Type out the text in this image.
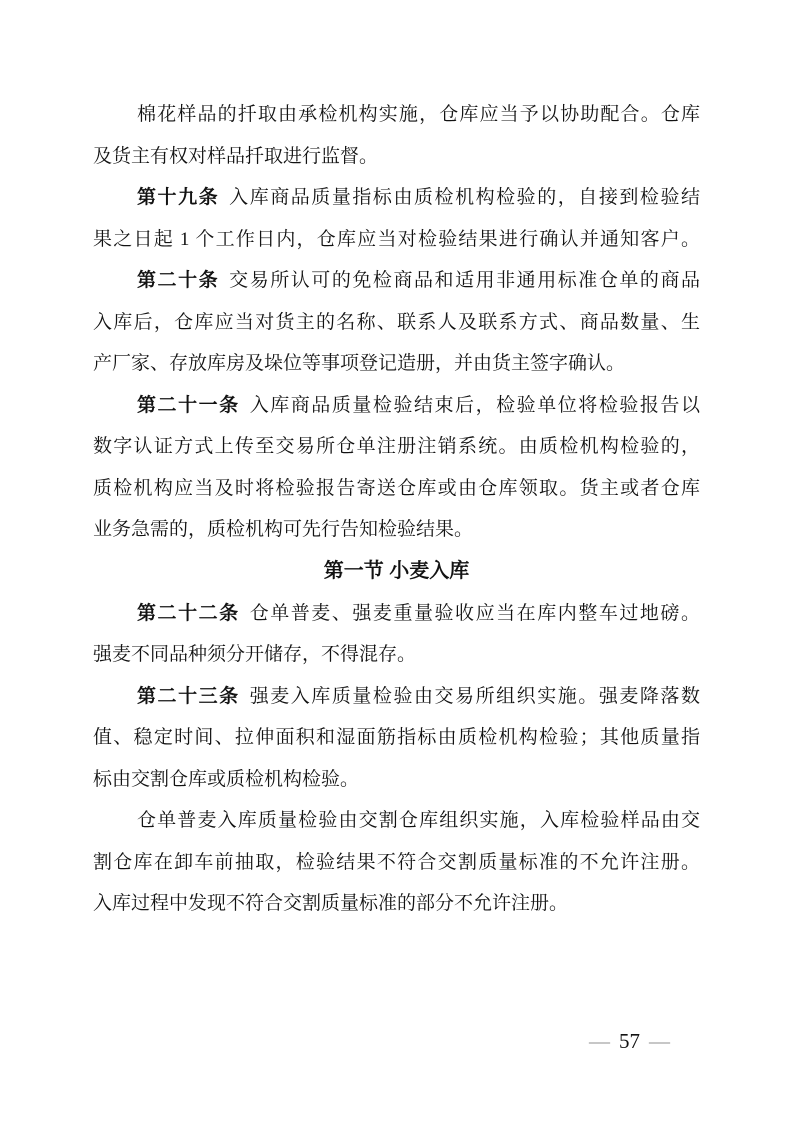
棉花样品的扦取由承检机构实施，仓库应当予以协助配合。仓库
及货主有权对样品扦取进行监督。
第十九条 入库商品质量指标由质检机构检验的，自接到检验结
果之日起 1 个工作日内，仓库应当对检验结果进行确认并通知客户。
第二十条 交易所认可的免检商品和适用非通用标准仓单的商品
入库后，仓库应当对货主的名称、联系人及联系方式、商品数量、生
产厂家、存放库房及垛位等事项登记造册，并由货主签字确认。
第二十一条 入库商品质量检验结束后，检验单位将检验报告以
数字认证方式上传至交易所仓单注册注销系统。由质检机构检验的，
质检机构应当及时将检验报告寄送仓库或由仓库领取。货主或者仓库
业务急需的，质检机构可先行告知检验结果。
第一节 小麦入库
第二十二条 仓单普麦、强麦重量验收应当在库内整车过地磅。
强麦不同品种须分开储存，不得混存。
第二十三条 强麦入库质量检验由交易所组织实施。强麦降落数
值、稳定时间、拉伸面积和湿面筋指标由质检机构检验；其他质量指
标由交割仓库或质检机构检验。
仓单普麦入库质量检验由交割仓库组织实施，入库检验样品由交
割仓库在卸车前抽取，检验结果不符合交割质量标准的不允许注册。
入库过程中发现不符合交割质量标准的部分不允许注册。
— 57 —
